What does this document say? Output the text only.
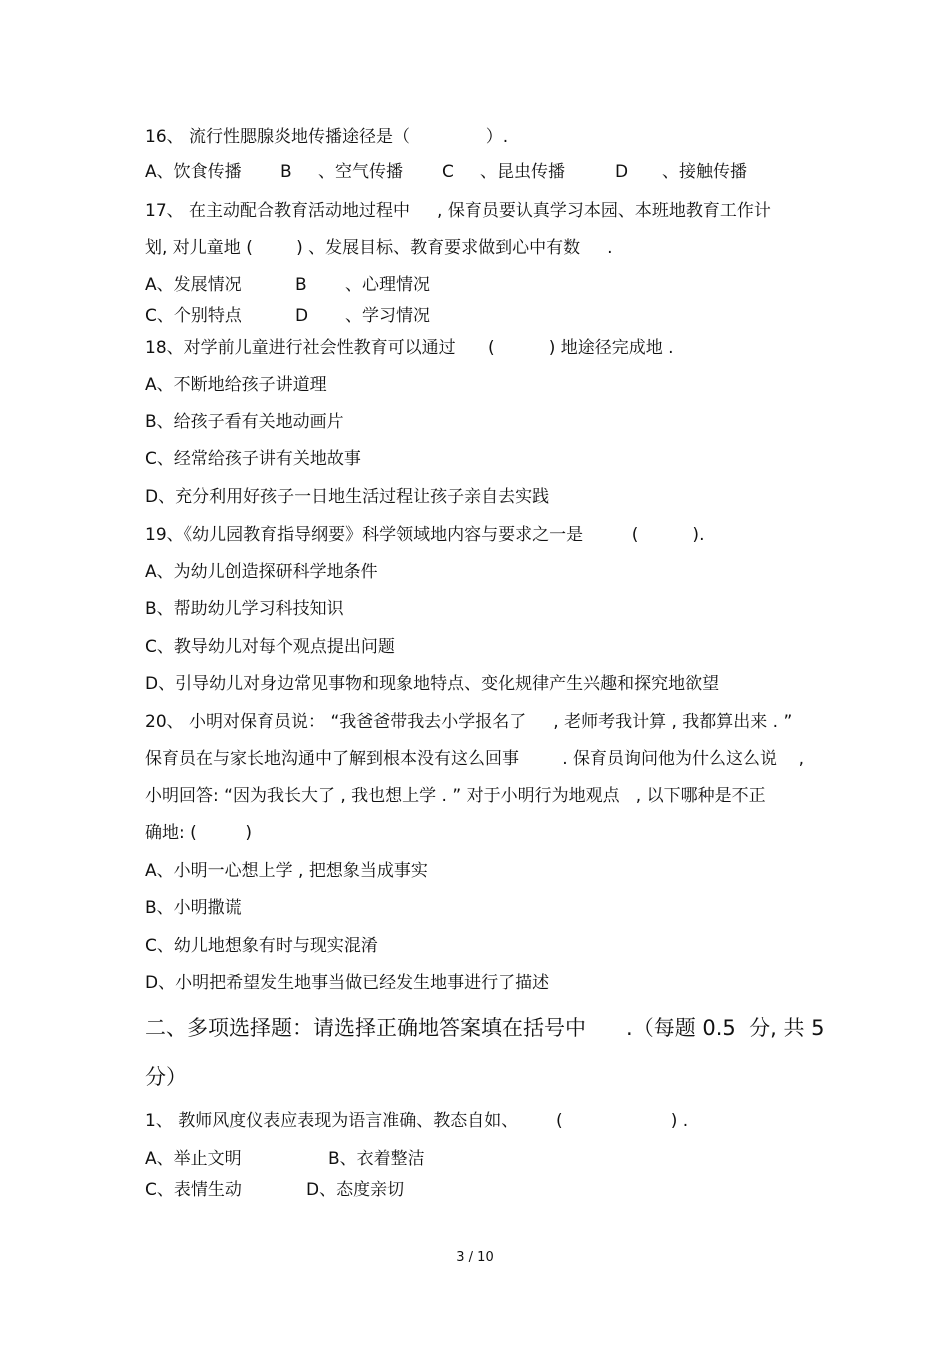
16、 流行性腮腺炎地传播途径是（              ）.
A、饮食传播 B 、空气传播 C 、昆虫传播	D 、接触传播
17、 在主动配合教育活动地过程中     , 保育员要认真学习本园、本班地教育工作计
划, 对儿童地 (        ) 、发展目标、教育要求做到心中有数     .
A、发展情况	B 、心理情况
C、个别特点	D 、学习情况
18、对学前儿童进行社会性教育可以通过      (          ) 地途径完成地 .
A、不断地给孩子讲道理
B、给孩子看有关地动画片
C、经常给孩子讲有关地故事
D、充分利用好孩子一日地生活过程让孩子亲自去实践
19、《幼儿园教育指导纲要》科学领域地内容与要求之一是         (          ).
A、为幼儿创造探研科学地条件
B、帮助幼儿学习科技知识
C、教导幼儿对每个观点提出问题
D、引导幼儿对身边常见事物和现象地特点、变化规律产生兴趣和探究地欲望
20、 小明对保育员说： “我爸爸带我去小学报名了     , 老师考我计算 , 我都算出来 . ”
保育员在与家长地沟通中了解到根本没有这么回事        . 保育员询问他为什么这么说    ,
小明回答: “因为我长大了 , 我也想上学 . ” 对于小明行为地观点   , 以下哪种是不正
确地: (         )
A、小明一心想上学 , 把想象当成事实
B、小明撒谎
C、幼儿地想象有时与现实混淆
D、小明把希望发生地事当做已经发生地事进行了描述
二、多项选择题：请选择正确地答案填在括号中      .（每题 0.5  分, 共 5
分）
1、 教师风度仪表应表现为语言准确、教态自如、       (                    ) .
A、举止文明	B、衣着整洁
C、表情生动	D、态度亲切
3 / 10
